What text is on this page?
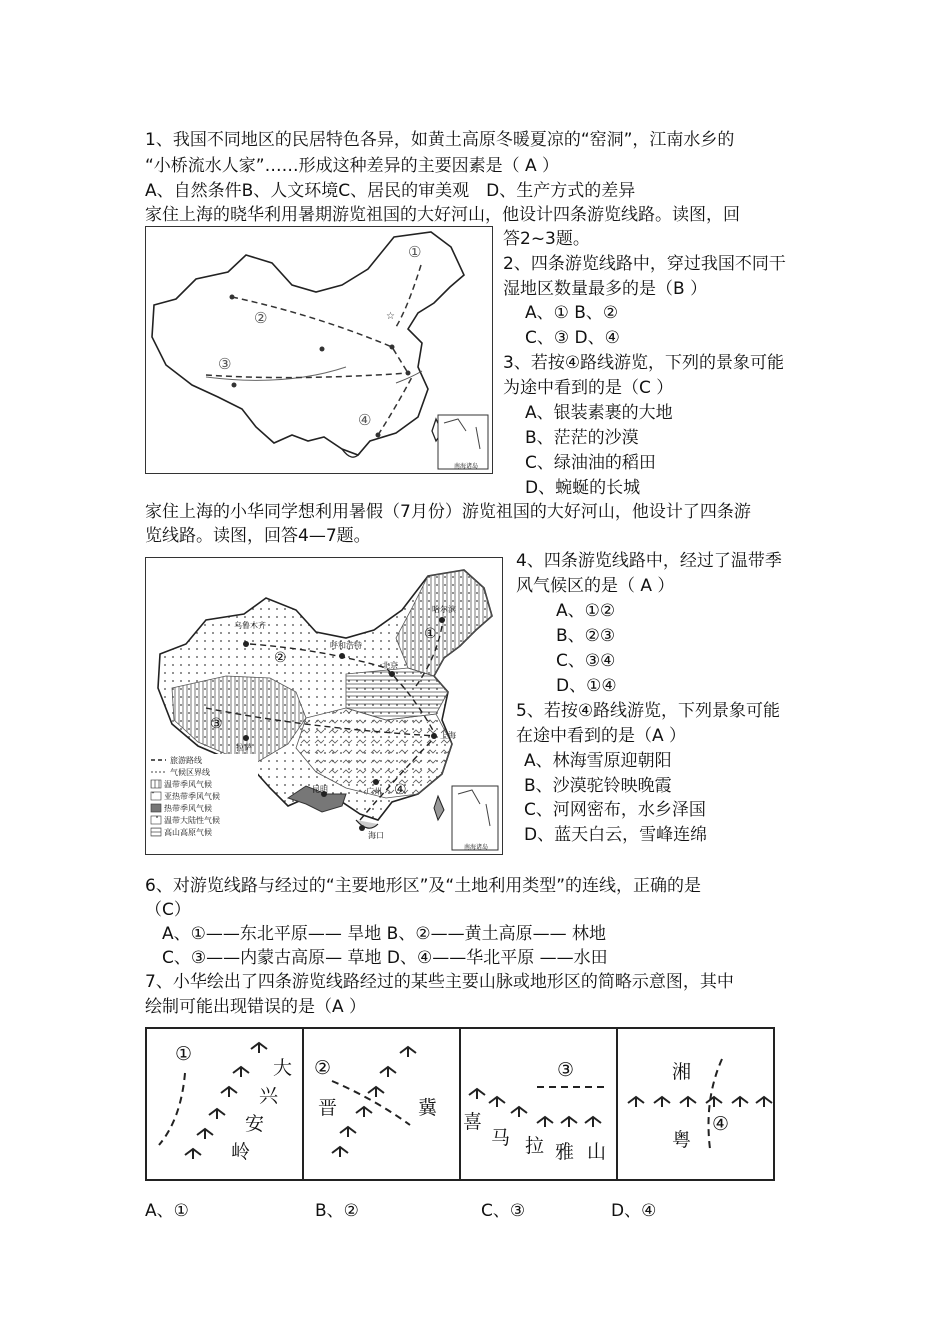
1、我国不同地区的民居特色各异，如黄土高原冬暖夏凉的“窑洞”，江南水乡的
“小桥流水人家”……形成这种差异的主要因素是（ A ）
A、自然条件B、人文环境C、居民的审美观　D、生产方式的差异
家住上海的晓华利用暑期游览祖国的大好河山，他设计四条游览线路。读图，回
答2~3题。
☆
①
②
③
④
南海诸岛
2、四条游览线路中，穿过我国不同干
湿地区数量最多的是（B ）
A、① B、②
C、③ D、④
3、若按④路线游览，下列的景象可能
为途中看到的是（C ）
A、银装素裹的大地
B、茫茫的沙漠
C、绿油油的稻田
D、蜿蜒的长城
家住上海的小华同学想利用暑假（7月份）游览祖国的大好河山，他设计了四条游
览线路。读图，回答4—7题。
乌鲁木齐
呼和浩特
哈尔滨
北京
上海
拉萨
昆明	广州
海口
①
②
③
④
旅游路线
气候区界线
温带季风气候
亚热带季风气候
热带季风气候
温带大陆性气候
高山高原气候
南海诸岛
4、四条游览线路中，经过了温带季
风气候区的是（ A ）
A、①②
B、②③
C、③④
D、①④
5、若按④路线游览，下列景象可能
在途中看到的是（A ）
A、林海雪原迎朝阳
B、沙漠驼铃映晚霞
C、河网密布，水乡泽国
D、蓝天白云，雪峰连绵
6、对游览线路与经过的“主要地形区”及“土地利用类型”的连线，正确的是
（C）
A、①——东北平原—— 旱地 B、②——黄土高原—— 林地
C、③——内蒙古高原— 草地 D、④——华北平原 ——水田
7、小华绘出了四条游览线路经过的某些主要山脉或地形区的简略示意图，其中
绘制可能出现错误的是（A ）
①
大
兴
安
岭
②
晋	冀
③
喜
马 拉 雅 山
湘
粤
④
A、①	B、②	C、③	D、④
